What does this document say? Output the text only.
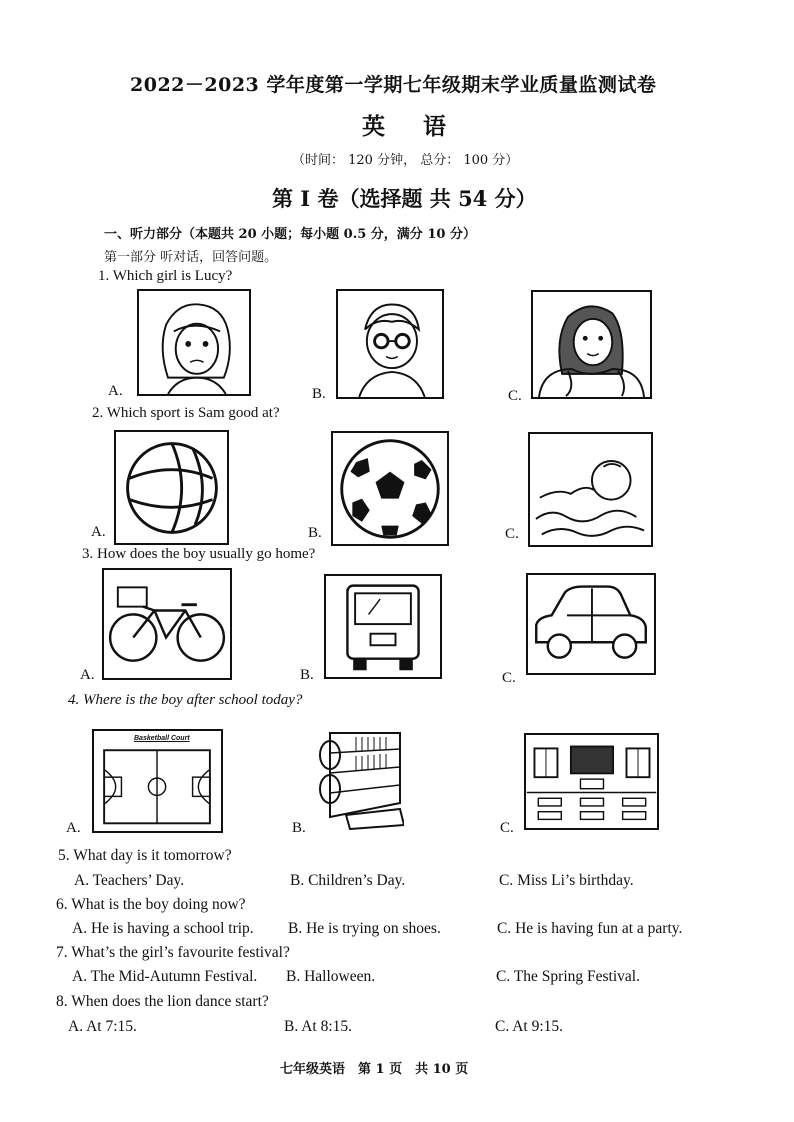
2022－2023 学年度第一学期七年级期末学业质量监测试卷
英语
（时间： 120 分钟， 总分： 100 分）
第 I 卷（选择题 共 54 分）
一、听力部分（本题共 20 小题；每小题 0.5 分，满分 10 分）
第一部分 听对话，回答问题。
1. Which girl is Lucy?
A.	B.	C.
2. Which sport is Sam good at?
A.	B.	C.
3. How does the boy usually go home?
A.	B.	C.
4. Where is the boy after school today?
A.
Basketball Court
B.	C.
5. What day is it tomorrow?
A. Teachers’ Day.	B. Children’s Day.	C. Miss Li’s birthday.
6. What is the boy doing now?
A. He is having a school trip. B. He is trying on shoes.	C. He is having fun at a party.
7. What’s the girl’s favourite festival?
A. The Mid-Autumn Festival. B. Halloween.	C. The Spring Festival.
8. When does the lion dance start?
A. At 7:15.	B. At 8:15.	C. At 9:15.
七年级英语　第 1 页　共 10 页
